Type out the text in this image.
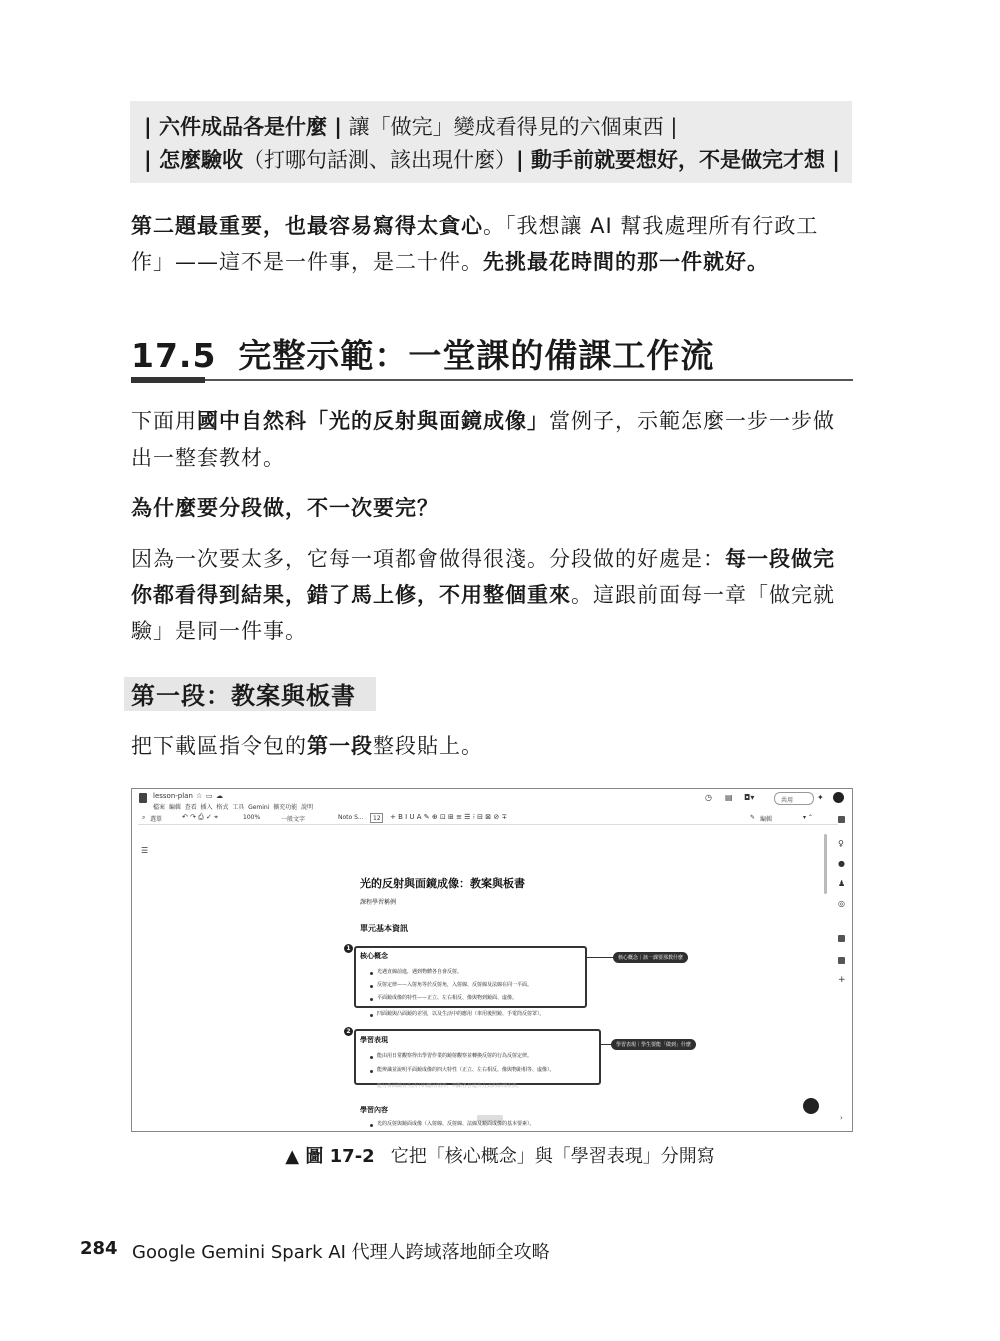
| 六件成品各是什麼 | 讓「做完」變成看得見的六個東西 |
| 怎麼驗收（打哪句話測、該出現什麼）| 動手前就要想好，不是做完才想 |
第二題最重要，也最容易寫得太貪心。「我想讓 AI 幫我處理所有行政工
作」——這不是一件事，是二十件。先挑最花時間的那一件就好。
17.5 完整示範：一堂課的備課工作流
下面用國中自然科「光的反射與面鏡成像」當例子，示範怎麼一步一步做
出一整套教材。
為什麼要分段做，不一次要完？
因為一次要太多，它每一項都會做得很淺。分段做的好處是：每一段做完
你都看得到結果，錯了馬上修，不用整個重來。這跟前面每一章「做完就
驗」是同一件事。
第一段：教案與板書
把下載區指令包的第一段整段貼上。
lesson-plan ☆ ▭ ☁
檔案 編輯 查看 插入 格式 工具 Gemini 擴充功能 說明
◷ ▤ ◘▾	共用	✦
⌕ 選單	↶ ↷ ⎙ ✓ ⌖	100%	一般文字	Noto S... 12 + B I U A ✎ ⊕ ⊡ ⊞ ≡ ☰ ⁝ ⊟ ⊠ ⊘ ∓	✎ 編輯	▾ ⌃
☰
♀
●
♟
◎
+
›
光的反射與面鏡成像：教案與板書
課程學習稱例
單元基本資訊
1
核心概念
光遇直線前進，遇到物體各自會反射。
反射定律——入射角等於反射角，入射線、反射線及法線在同一平面。
平面鏡成像的特性——正立、左右相反、像與物到鏡面、虛像。
核心概念｜該一課要那教什麼
凹面鏡與凸面鏡的差別，以及生活中的應用（車用後照鏡、手電筒反射罩）。
2
學習表現
能由用日常觀察得出學習作業的鏡射觀察並轉換反射的行為反射定律。
能辨識並說明平面鏡成像的四大特性（正立、左右相反、像與物距相等、虛像）。
學習表現｜學生要能「做到」什麼
能分析面鏡在生活中的應用情形，判斷各自運作方式的原理差異。
學習內容
光的反射與鏡面成像（入射線、反射線、法線及鏡面成像的基本要素）。
▲ 圖 17-2 它把「核心概念」與「學習表現」分開寫
284 Google Gemini Spark AI 代理人跨域落地師全攻略
